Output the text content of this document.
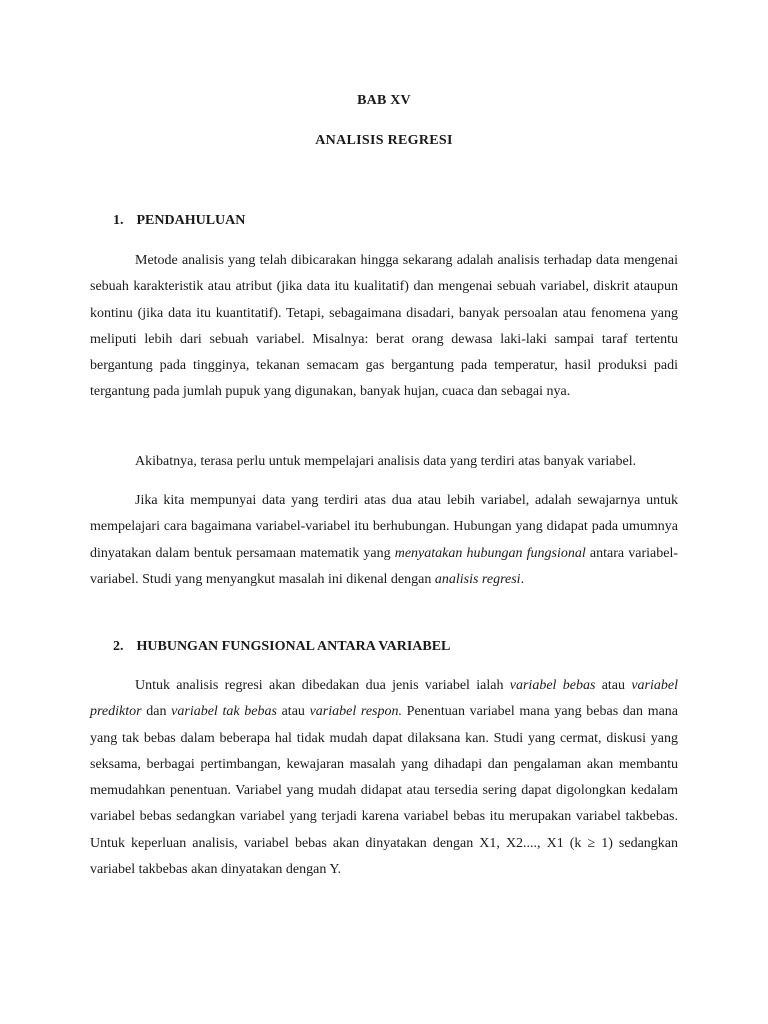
BAB XV
ANALISIS REGRESI
1. PENDAHULUAN

Metode analisis yang telah dibicarakan hingga sekarang adalah analisis terhadap data mengenai sebuah karakteristik atau atribut (jika data itu kualitatif) dan mengenai sebuah variabel, diskrit ataupun kontinu (jika data itu kuantitatif). Tetapi, sebagaimana disadari, banyak persoalan atau fenomena yang meliputi lebih dari sebuah variabel. Misalnya: berat orang dewasa laki-laki sampai taraf tertentu bergantung pada tingginya, tekanan semacam gas bergantung pada temperatur, hasil produksi padi tergantung pada jumlah pupuk yang digunakan, banyak hujan, cuaca dan sebagai nya.

Akibatnya, terasa perlu untuk mempelajari analisis data yang terdiri atas banyak variabel.

Jika kita mempunyai data yang terdiri atas dua atau lebih variabel, adalah sewajarnya untuk mempelajari cara bagaimana variabel-variabel itu berhubungan. Hubungan yang didapat pada umumnya dinyatakan dalam bentuk persamaan matematik yang menyatakan hubungan fungsional antara variabel-variabel. Studi yang menyangkut masalah ini dikenal dengan analisis regresi.

2. HUBUNGAN FUNGSIONAL ANTARA VARIABEL

Untuk analisis regresi akan dibedakan dua jenis variabel ialah variabel bebas atau variabel prediktor dan variabel tak bebas atau variabel respon. Penentuan variabel mana yang bebas dan mana yang tak bebas dalam beberapa hal tidak mudah dapat dilaksana kan. Studi yang cermat, diskusi yang seksama, berbagai pertimbangan, kewajaran masalah yang dihadapi dan pengalaman akan membantu memudahkan penentuan. Variabel yang mudah didapat atau tersedia sering dapat digolongkan kedalam variabel bebas sedangkan variabel yang terjadi karena variabel bebas itu merupakan variabel takbebas. Untuk keperluan analisis, variabel bebas akan dinyatakan dengan X1, X2...., X1 (k ≥ 1) sedangkan variabel takbebas akan dinyatakan dengan Y.
